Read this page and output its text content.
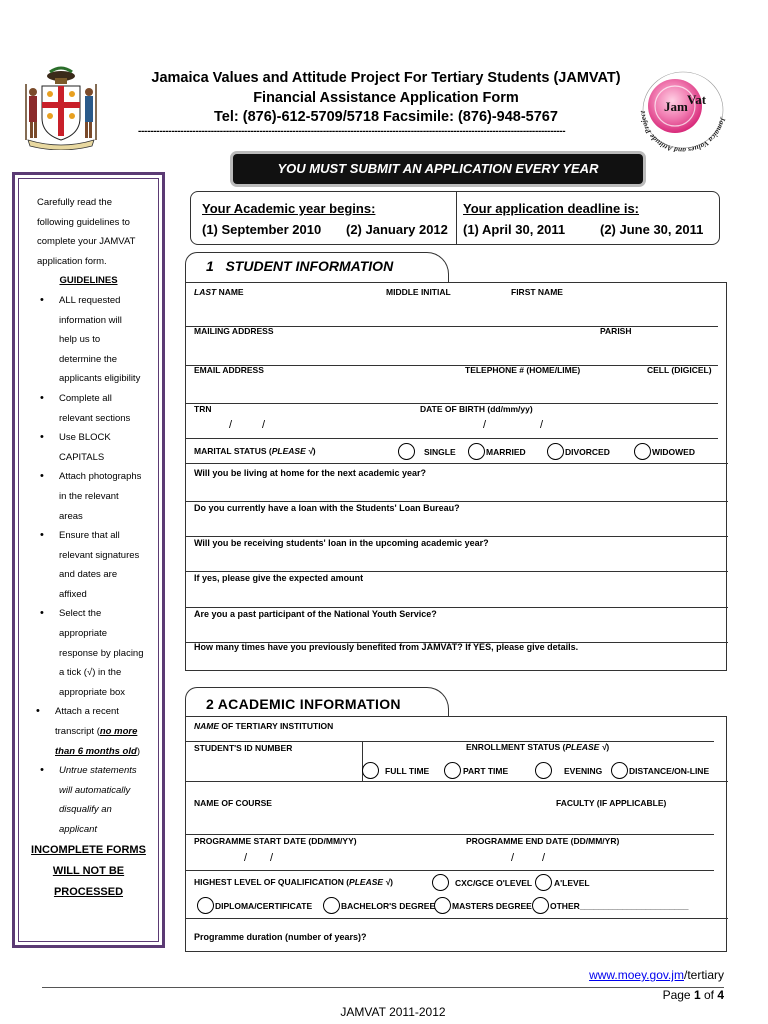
Jamaica Values and Attitude Project For Tertiary Students (JAMVAT)
Financial Assistance Application Form
Tel: (876)-612-5709/5718 Facsimile: (876)-948-5767
---------------------------------------------------------------------------------------------------------------------------------------------
Jam Vat
Jamaica Values and Attitude Project
YOU MUST SUBMIT AN APPLICATION EVERY YEAR
Carefully read the
following guidelines to
complete your JAMVAT
application form.
GUIDELINES
• ALL requested
information will
help us to
determine the
applicants eligibility
• Complete all
relevant sections
• Use BLOCK
CAPITALS
• Attach photographs
in the relevant
areas
• Ensure that all
relevant signatures
and dates are
affixed
• Select the
appropriate
response by placing
a tick (√) in the
appropriate box
• Attach a recent
transcript (no more
than 6 months old)
• Untrue statements
will automatically
disqualify an
applicant
INCOMPLETE FORMS
WILL NOT BE
PROCESSED
Your Academic year begins:
(1) September 2010 (2) January 2012
Your application deadline is:
(1) April 30, 2011	(2) June 30, 2011
1   STUDENT INFORMATION
LAST NAME	MIDDLE INITIAL	FIRST NAME
MAILING ADDRESS	PARISH
EMAIL ADDRESS	TELEPHONE # (HOME/LIME)	CELL (DIGICEL)
TRN	DATE OF BIRTH (dd/mm/yy)
/	/	/	/
MARITAL STATUS (PLEASE √)	SINGLE	MARRIED	DIVORCED	WIDOWED
Will you be living at home for the next academic year?
Do you currently have a loan with the Students' Loan Bureau?
Will you be receiving students' loan in the upcoming academic year?
If yes, please give the expected amount
Are you a past participant of the National Youth Service?
How many times have you previously benefited from JAMVAT? If YES, please give details.
2 ACADEMIC INFORMATION
NAME OF TERTIARY INSTITUTION
STUDENT'S ID NUMBER	ENROLLMENT STATUS (PLEASE √)
FULL TIME	PART TIME	EVENING	DISTANCE/ON-LINE
NAME OF COURSE	FACULTY (IF APPLICABLE)
PROGRAMME START DATE (DD/MM/YY)	PROGRAMME END DATE (DD/MM/YR)
/ /	/	/
HIGHEST LEVEL OF QUALIFICATION (PLEASE √)	CXC/GCE O'LEVEL	A'LEVEL
DIPLOMA/CERTIFICATE	BACHELOR'S DEGREE MASTERS DEGREE OTHER_______________________
Programme duration (number of years)?
www.moey.gov.jm/tertiary
Page 1 of 4
JAMVAT 2011-2012
